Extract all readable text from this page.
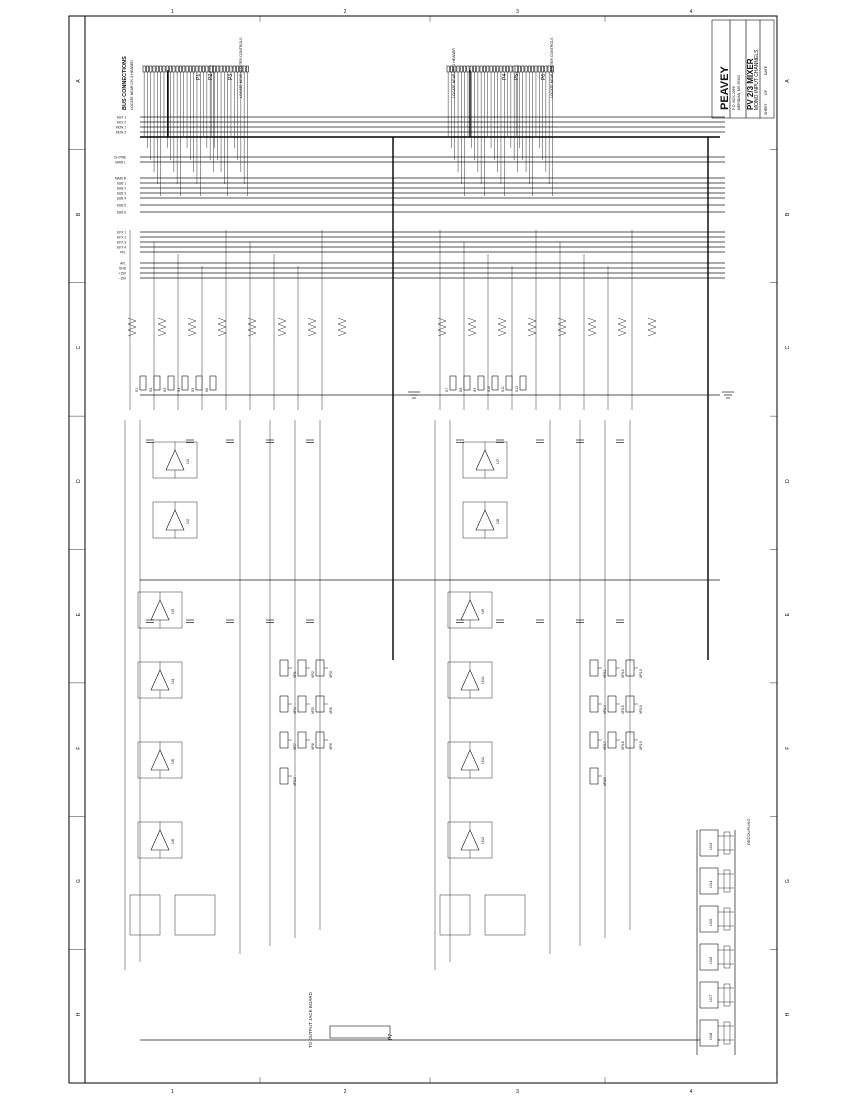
U13
U14
U15
U16
U17
U18
S1	S2	S3	S4	S5	S6
U1
U2
U3
U4
U5
U6
VR1	VR2	VR3
VR4	VR5	VR6
VR7	VR8	VR9
VR10
S7	S8	S9	S10	S11	S12
U7
U8
U9
U10
U11
U12
VR11	VR12	VR13
VR14	VR15	VR16
VR17	VR18	VR19
VR20
PEAVEY P.O. BOX 2898 MERIDIAN, MS 39302 PV 2/3 MIXER MONO INPUT CHANNELS SHEET
OF
DATE
BUS CONNECTIONS LOCATE NEAR CH. 8 HEADER	LOCATE NEAR MASTER CONTROLS	LOCATE NEAR CH. 1 HEADER	LOCATE NEAR MASTER CONTROLS
TO OUTPUT JACK BOARD
P1 P2	P3	P4 P5	P6
P7
DECOUPLING
1
1
2
2
3
3
4
4
A	A
B	B
C	C
D	D
E	E
F	F
G	G
H	H
AUX 1
AUX 2
MON 1
MON 2
CH PRE
MAIN L
MAIN R
SUB 1
SUB 2
SUB 3
SUB 4
SUB 5
SUB 6
EFX 1
EFX 2
EFX 3
EFX 4
PFL
AFL
GND
+15V
-15V
